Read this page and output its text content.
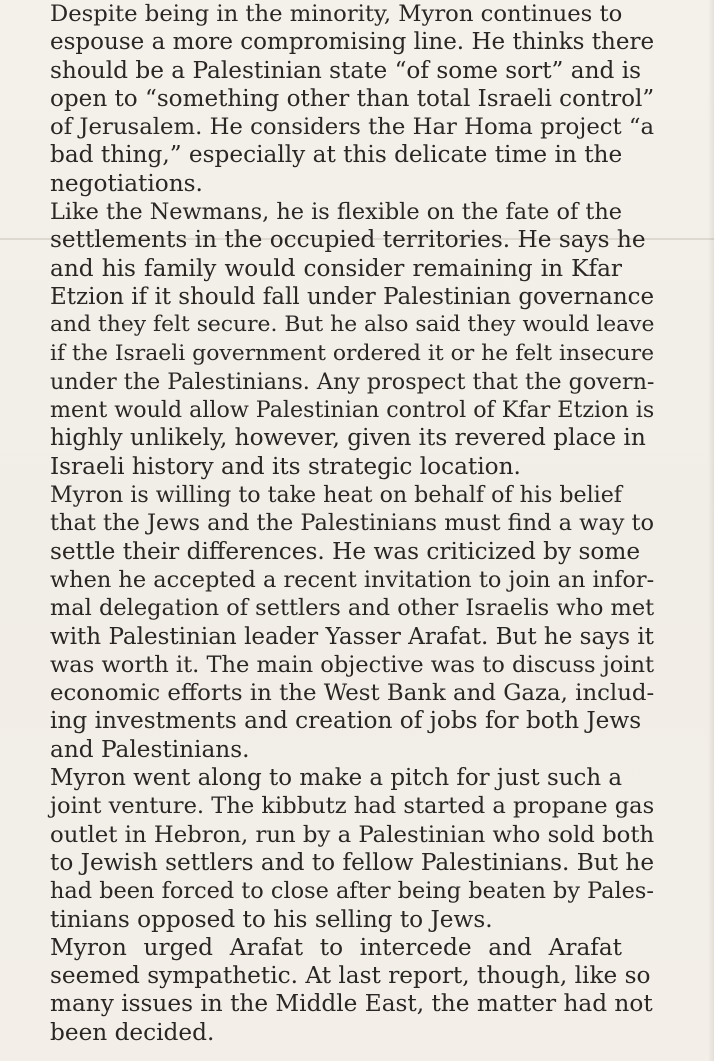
Despite being in the minority, Myron continues to
espouse a more compromising line. He thinks there
should be a Palestinian state “of some sort” and is
open to “something other than total Israeli control”
of Jerusalem. He considers the Har Homa project “a
bad thing,” especially at this delicate time in the
negotiations.

Like the Newmans, he is flexible on the fate of the
settlements in the occupied territories. He says he
and his family would consider remaining in Kfar
Etzion if it should fall under Palestinian governance
and they felt secure. But he also said they would leave
if the Israeli government ordered it or he felt insecure
under the Palestinians. Any prospect that the govern-
ment would allow Palestinian control of Kfar Etzion is
highly unlikely, however, given its revered place in
Israeli history and its strategic location.

Myron is willing to take heat on behalf of his belief
that the Jews and the Palestinians must find a way to
settle their differences. He was criticized by some
when he accepted a recent invitation to join an infor-
mal delegation of settlers and other Israelis who met
with Palestinian leader Yasser Arafat. But he says it
was worth it. The main objective was to discuss joint
economic efforts in the West Bank and Gaza, includ-
ing investments and creation of jobs for both Jews
and Palestinians.

Myron went along to make a pitch for just such a
joint venture. The kibbutz had started a propane gas
outlet in Hebron, run by a Palestinian who sold both
to Jewish settlers and to fellow Palestinians. But he
had been forced to close after being beaten by Pales-
tinians opposed to his selling to Jews.

Myron urged Arafat to intercede and Arafat
seemed sympathetic. At last report, though, like so
many issues in the Middle East, the matter had not
been decided.
